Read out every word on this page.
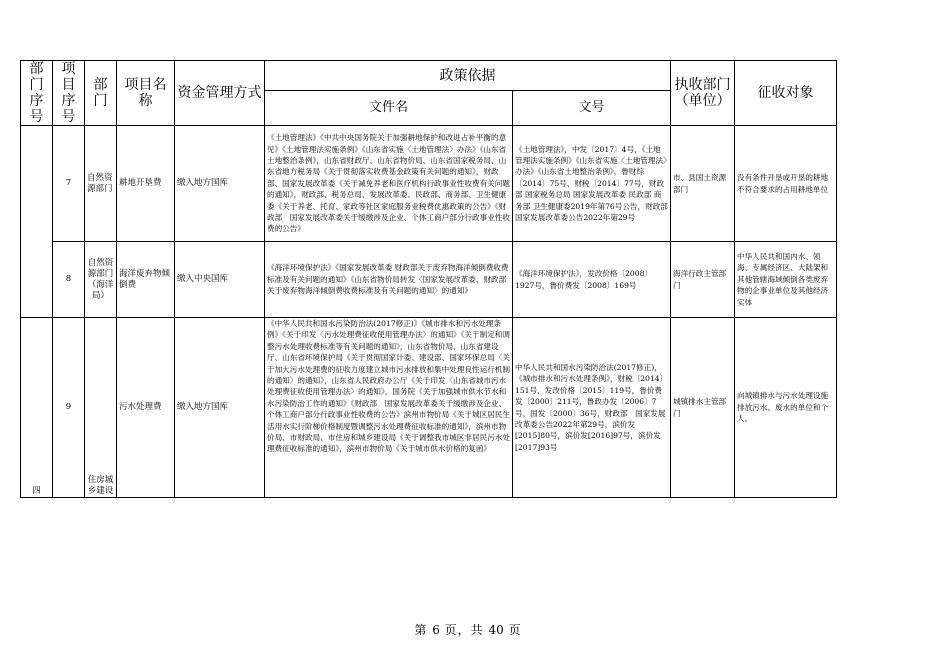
部门序号	项目序号	部门	项目名称	资金管理方式	政策依据		执收部门（单位）	征收对象
					文件名	文号		
	7	自然资源部门	耕地开垦费	缴入地方国库	《土地管理法》《中共中央国务院关于加强耕地保护和改进占补平衡的意见》《土地管理法实施条例》《山东省实施〈土地管理法〉办法》《山东省土地整治条例》，山东省财政厅、山东省物价局、山东省国家税务局、山东省地方税务局《关于贯彻落实收费基金政策有关问题的通知》，财政部、国家发展改革委《关于减免养老和医疗机构行政事业性收费有关问题的通知》，财政部、税务总局、发展改革委、民政部、商务部、卫生健康委《关于养老、托育、家政等社区家庭服务业税费优惠政策的公告》《财政部　国家发展改革委关于缓缴涉及企业、个体工商户部分行政事业性收费的公告》	《土地管理法》，中发〔2017〕4号，《土地管理法实施条例》《山东省实施〈土地管理法〉办法》《山东省土地整治条例》，鲁财综〔2014〕75号、财税〔2014〕77号，财政部 国家税务总局 国家发展改革委 民政部 商务部 卫生健康委2019年第76号公告，财政部　国家发展改革委公告2022年第29号	市、县国土资源部门	没有条件开垦或开垦的耕地不符合要求的占用耕地单位
	8	自然资源部门（海洋局）	海洋废弃物倾倒费	缴入中央国库	《海洋环境保护法》《国家发展改革委 财政部关于废弃物海洋倾倒费收费标准及有关问题的通知》《山东省物价局转发〈国家发展改革委、财政部关于废弃物海洋倾倒费收费标准及有关问题的通知〉的通知》	《海洋环境保护法》，发改价格〔2008〕1927号，鲁价费发〔2008〕169号	海洋行政主管部门	中华人民共和国内水、领海、专属经济区、大陆架和其他管辖海域倾倒各类废弃物的企事业单位及其他经济实体
四	9	住房城乡建设	污水处理费	缴入地方国库	《中华人民共和国水污染防治法(2017修正)》《城市排水和污水处理条例》《关于印发〈污水处理费征收使用管理办法〉的通知》《关于制定和调整污水处理收费标准等有关问题的通知》，山东省物价局、山东省建设厅、山东省环境保护局《关于贯彻国家计委、建设部、国家环保总局〈关于加大污水处理费的征收力度建立城市污水排放和集中处理良性运行机制的通知〉的通知》，山东省人民政府办公厅《关于印发〈山东省城市污水处理费征收使用管理办法〉的通知》，国务院《关于加强城市供水节水和水污染防治工作的通知》《财政部　国家发展改革委关于缓缴涉及企业、个体工商户部分行政事业性收费的公告》滨州市物价局《关于城区居民生活用水实行阶梯价格制度暨调整污水处理费征收标准的通知》，滨州市物价局、市财政局、市住房和城乡建设局《关于调整我市城区非居民污水处理费征收标准的通知》，滨州市物价局《关于城市供水价格的复函》	中华人民共和国水污染防治法(2017修正)，《城市排水和污水处理条例》，财税〔2014〕151号，发改价格〔2015〕119号，鲁价费发〔2000〕211号，鲁政办发〔2006〕7号，国发〔2000〕36号，财政部　国家发展改革委公告2022年第29号，滨价发[2015]80号，滨价发[2016]97号，滨价发[2017]93号	城镇排水主管部门	向城镇排水与污水处理设施排放污水、废水的单位和个人。
第 6 页，共 40 页
